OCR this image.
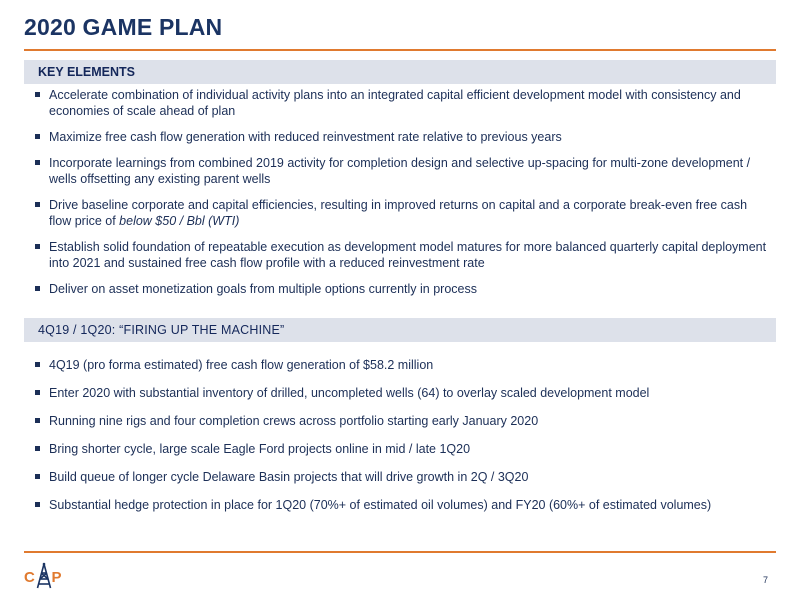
2020 GAME PLAN
KEY ELEMENTS
Accelerate combination of individual activity plans into an integrated capital efficient development model with consistency and economies of scale ahead of plan
Maximize free cash flow generation with reduced reinvestment rate relative to previous years
Incorporate learnings from combined 2019 activity for completion design and selective up-spacing for multi-zone development / wells offsetting any existing parent wells
Drive baseline corporate and capital efficiencies, resulting in improved returns on capital and a corporate break-even free cash flow price of below $50 / Bbl (WTI)
Establish solid foundation of repeatable execution as development model matures for more balanced quarterly capital deployment into 2021 and sustained free cash flow profile with a reduced reinvestment rate
Deliver on asset monetization goals from multiple options currently in process
4Q19 / 1Q20: “FIRING UP THE MACHINE”
4Q19 (pro forma estimated) free cash flow generation of $58.2 million
Enter 2020 with substantial inventory of drilled, uncompleted wells (64) to overlay scaled development model
Running nine rigs and four completion crews across portfolio starting early January 2020
Bring shorter cycle, large scale Eagle Ford projects online in mid / late 1Q20
Build queue of longer cycle Delaware Basin projects that will drive growth in 2Q / 3Q20
Substantial hedge protection in place for 1Q20 (70%+ of estimated oil volumes) and FY20 (60%+ of estimated volumes)
C P	7
